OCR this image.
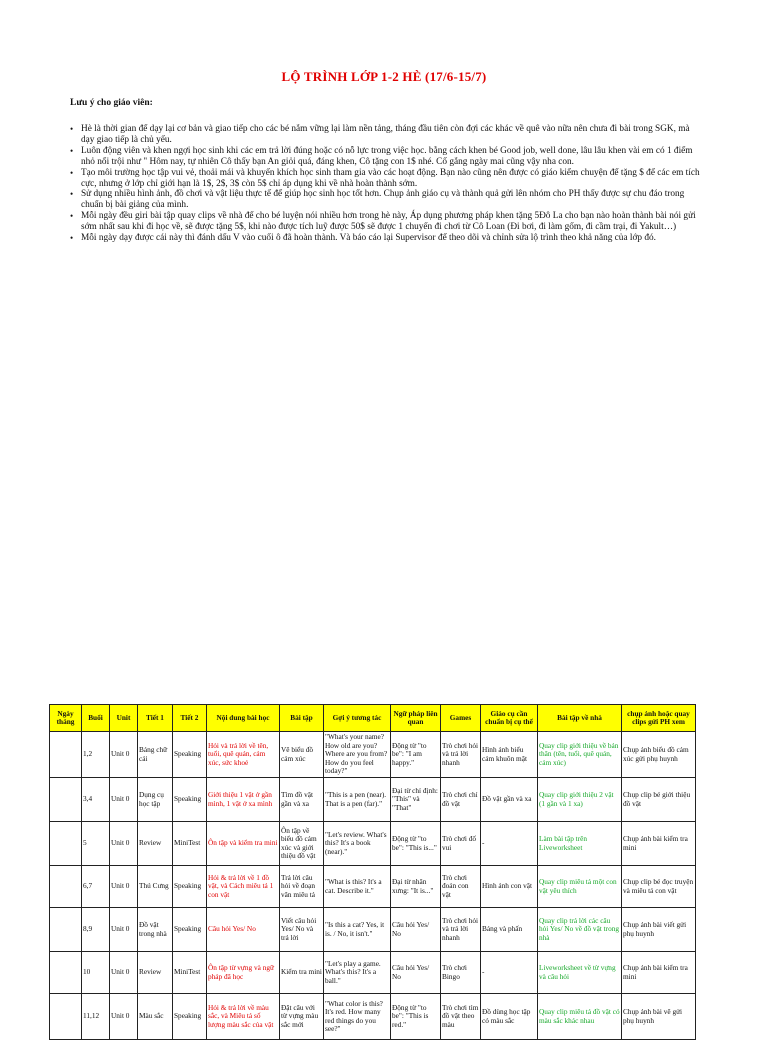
LỘ TRÌNH LỚP 1-2 HÈ (17/6-15/7)
Lưu ý cho giáo viên:
• Hè là thời gian để dạy lại cơ bản và giao tiếp cho các bé nắm vững lại làm nền tảng, tháng đầu tiên còn đợi các khác về quê vào nữa nên chưa đi bài trong SGK, mà dạy giao tiếp là chủ yếu.
• Luôn động viên và khen ngợi học sinh khi các em trả lời đúng hoặc có nỗ lực trong việc học. bằng cách khen bé Good job, well done, lâu lâu khen vài em có 1 điểm nhỏ nổi trội như " Hôm nay, tự nhiên Cô thấy bạn An giỏi quá, đáng khen, Cô tặng con 1$ nhé. Cố gắng ngày mai cũng vậy nha con.
• Tạo môi trường học tập vui vẻ, thoải mái và khuyến khích học sinh tham gia vào các hoạt động. Bạn nào cũng nên được có giáo kiểm chuyện để tặng $ để các em tích cực, nhưng ở lớp chỉ giới hạn là 1$, 2$, 3$ còn 5$ chỉ áp dụng khi về nhà hoàn thành sớm.
• Sử dụng nhiều hình ảnh, đồ chơi và vật liệu thực tế để giúp học sinh học tốt hơn. Chụp ảnh giáo cụ và thành quả gửi lên nhóm cho PH thấy được sự chu đáo trong chuẩn bị bài giảng của mình.
• Mỗi ngày đều giri bài tập quay clips về nhà để cho bé luyện nói nhiều hơn trong hè này, Áp dụng phương pháp khen tặng 5Đô La cho bạn nào hoàn thành bài nói gửi sớm nhất sau khi đi học về, sẽ được tặng 5$, khi nào được tích luỹ được 50$ sẽ được 1 chuyến đi chơi từ Cô Loan (Đi bơi, đi làm gốm, đi cầm trại, đi Yakult…)
• Mỗi ngày dạy được cái này thì đánh dấu V vào cuối ô đã hoàn thành. Và báo cáo lại Supervisor để theo dõi và chỉnh sửa lộ trình theo khả năng của lớp đó.
Ngày tháng	Buổi	Unit	Tiết 1	Tiết 2	Nội dung bài học	Bài tập	Gợi ý tương tác	Ngữ pháp liên quan	Games	Giáo cụ cần chuẩn bị cụ thể	Bài tập về nhà	chụp ảnh hoặc quay clips gửi PH xem
	1,2	Unit 0	Bảng chữ cái	Speaking	Hỏi và trả lời về tên, tuổi, quê quán, cảm xúc, sức khoẻ	Vẽ biểu đồ cảm xúc	"What's your name? How old are you? Where are you from? How do you feel today?"	Động từ "to be": "I am happy."	Trò chơi hỏi và trả lời nhanh	Hình ảnh biểu cảm khuôn mặt	Quay clip giới thiệu về bản thân (tên, tuổi, quê quán, cảm xúc)	Chụp ảnh biểu đồ cảm xúc gửi phụ huynh
	3,4	Unit 0	Dụng cụ học tập	Speaking	Giới thiệu 1 vật ở gần mình, 1 vật ở xa mình	Tìm đồ vật gần và xa	"This is a pen (near). That is a pen (far)."	Đại từ chỉ định: "This" và "That"	Trò chơi chỉ đồ vật	Đồ vật gần và xa	Quay clip giới thiệu 2 vật (1 gần và 1 xa)	Chụp clip bé giới thiệu đồ vật
	5	Unit 0	Review	MiniTest	Ôn tập và kiểm tra mini	Ôn tập về biểu đồ cảm xúc và giới thiệu đồ vật	"Let's review. What's this? It's a book (near)."	Động từ "to be": "This is..."	Trò chơi đố vui	-	Làm bài tập trên Liveworksheet	Chụp ảnh bài kiểm tra mini
	6,7	Unit 0	Thú Cưng	Speaking	Hỏi & trả lời về 1 đồ vật, và Cách miêu tả 1 con vật	Trả lời câu hỏi về đoạn văn miêu tả	"What is this? It's a cat. Describe it."	Đại từ nhân xưng: "It is..."	Trò chơi đoán con vật	Hình ảnh con vật	Quay clip miêu tả một con vật yêu thích	Chụp clip bé đọc truyện và miêu tả con vật
	8,9	Unit 0	Đồ vật trong nhà	Speaking	Câu hỏi Yes/ No	Viết câu hỏi Yes/ No và trả lời	"Is this a cat? Yes, it is. / No, it isn't."	Câu hỏi Yes/ No	Trò chơi hỏi và trả lời nhanh	Bảng và phấn	Quay clip trả lời các câu hỏi Yes/ No về đồ vật trong nhà	Chụp ảnh bài viết gửi phụ huynh
	10	Unit 0	Review	MiniTest	Ôn tập từ vựng và ngữ pháp đã học	Kiểm tra mini	"Let's play a game. What's this? It's a ball."	Câu hỏi Yes/ No	Trò chơi Bingo	-	Liveworksheet về từ vựng và câu hỏi	Chụp ảnh bài kiểm tra mini
	11,12	Unit 0	Màu sắc	Speaking	Hỏi & trả lời về màu sắc, và Miêu tả số lượng màu sắc của vật	Đặt câu với từ vựng màu sắc mới	"What color is this? It's red. How many red things do you see?"	Động từ "to be": "This is red."	Trò chơi tìm đồ vật theo màu	Đồ dùng học tập có màu sắc	Quay clip miêu tả đồ vật có màu sắc khác nhau	Chụp ảnh bài vẽ gửi phụ huynh
